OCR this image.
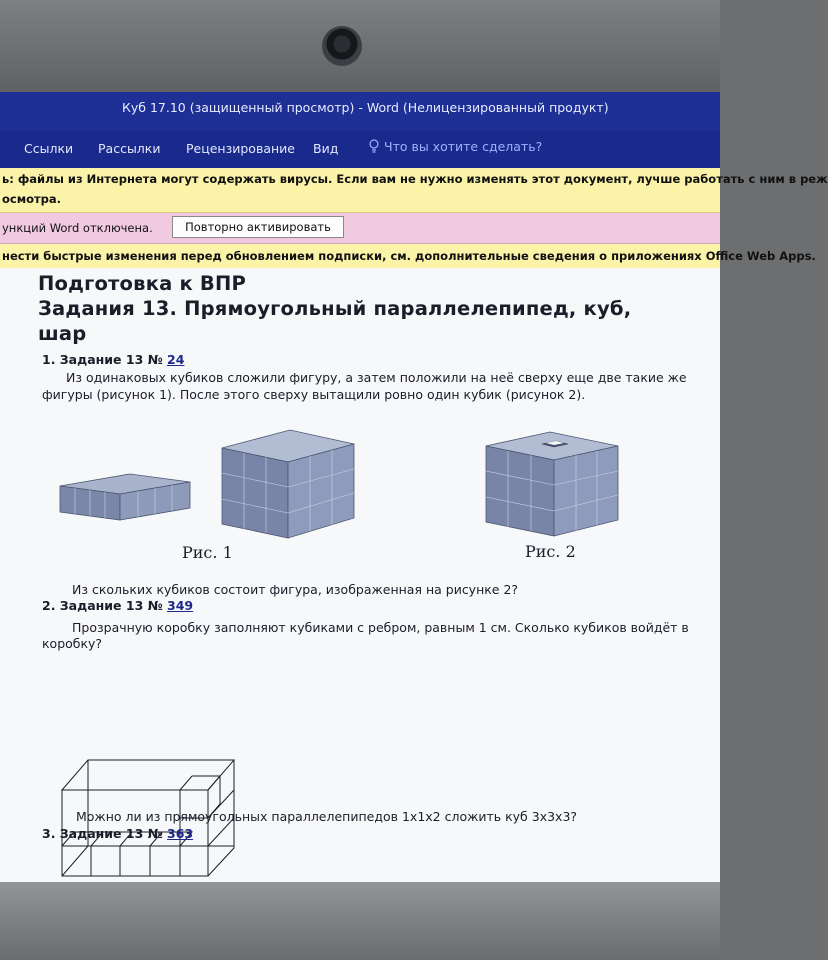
Куб 17.10 (защищенный просмотр) - Word (Нелицензированный продукт)
Ссылки Рассылки Рецензирование Вид	Что вы хотите сделать?
ь: файлы из Интернета могут содержать вирусы. Если вам не нужно изменять этот документ, лучше работать с ним в реж
осмотра.
ункций Word отключена.	Повторно активировать
нести быстрые изменения перед обновлением подписки, см. дополнительные сведения о приложениях Office Web Apps.
Подготовка к ВПР
Задания 13. Прямоугольный параллелепипед, куб,
шар
1. Задание 13 № 24
Из одинаковых кубиков сложили фигуру, а затем положили на неё сверху еще две такие же
фигуры (рисунок 1). После этого сверху вытащили ровно один кубик (рисунок 2).
Рис. 1	Рис. 2
Из скольких кубиков состоит фигура, изображенная на рисунке 2?
2. Задание 13 № 349
Прозрачную коробку заполняют кубиками с ребром, равным 1 см. Сколько кубиков войдёт в
коробку?
Можно ли из прямоугольных параллелепипедов 1х1х2 сложить куб 3х3х3?
3. Задание 13 № 363
